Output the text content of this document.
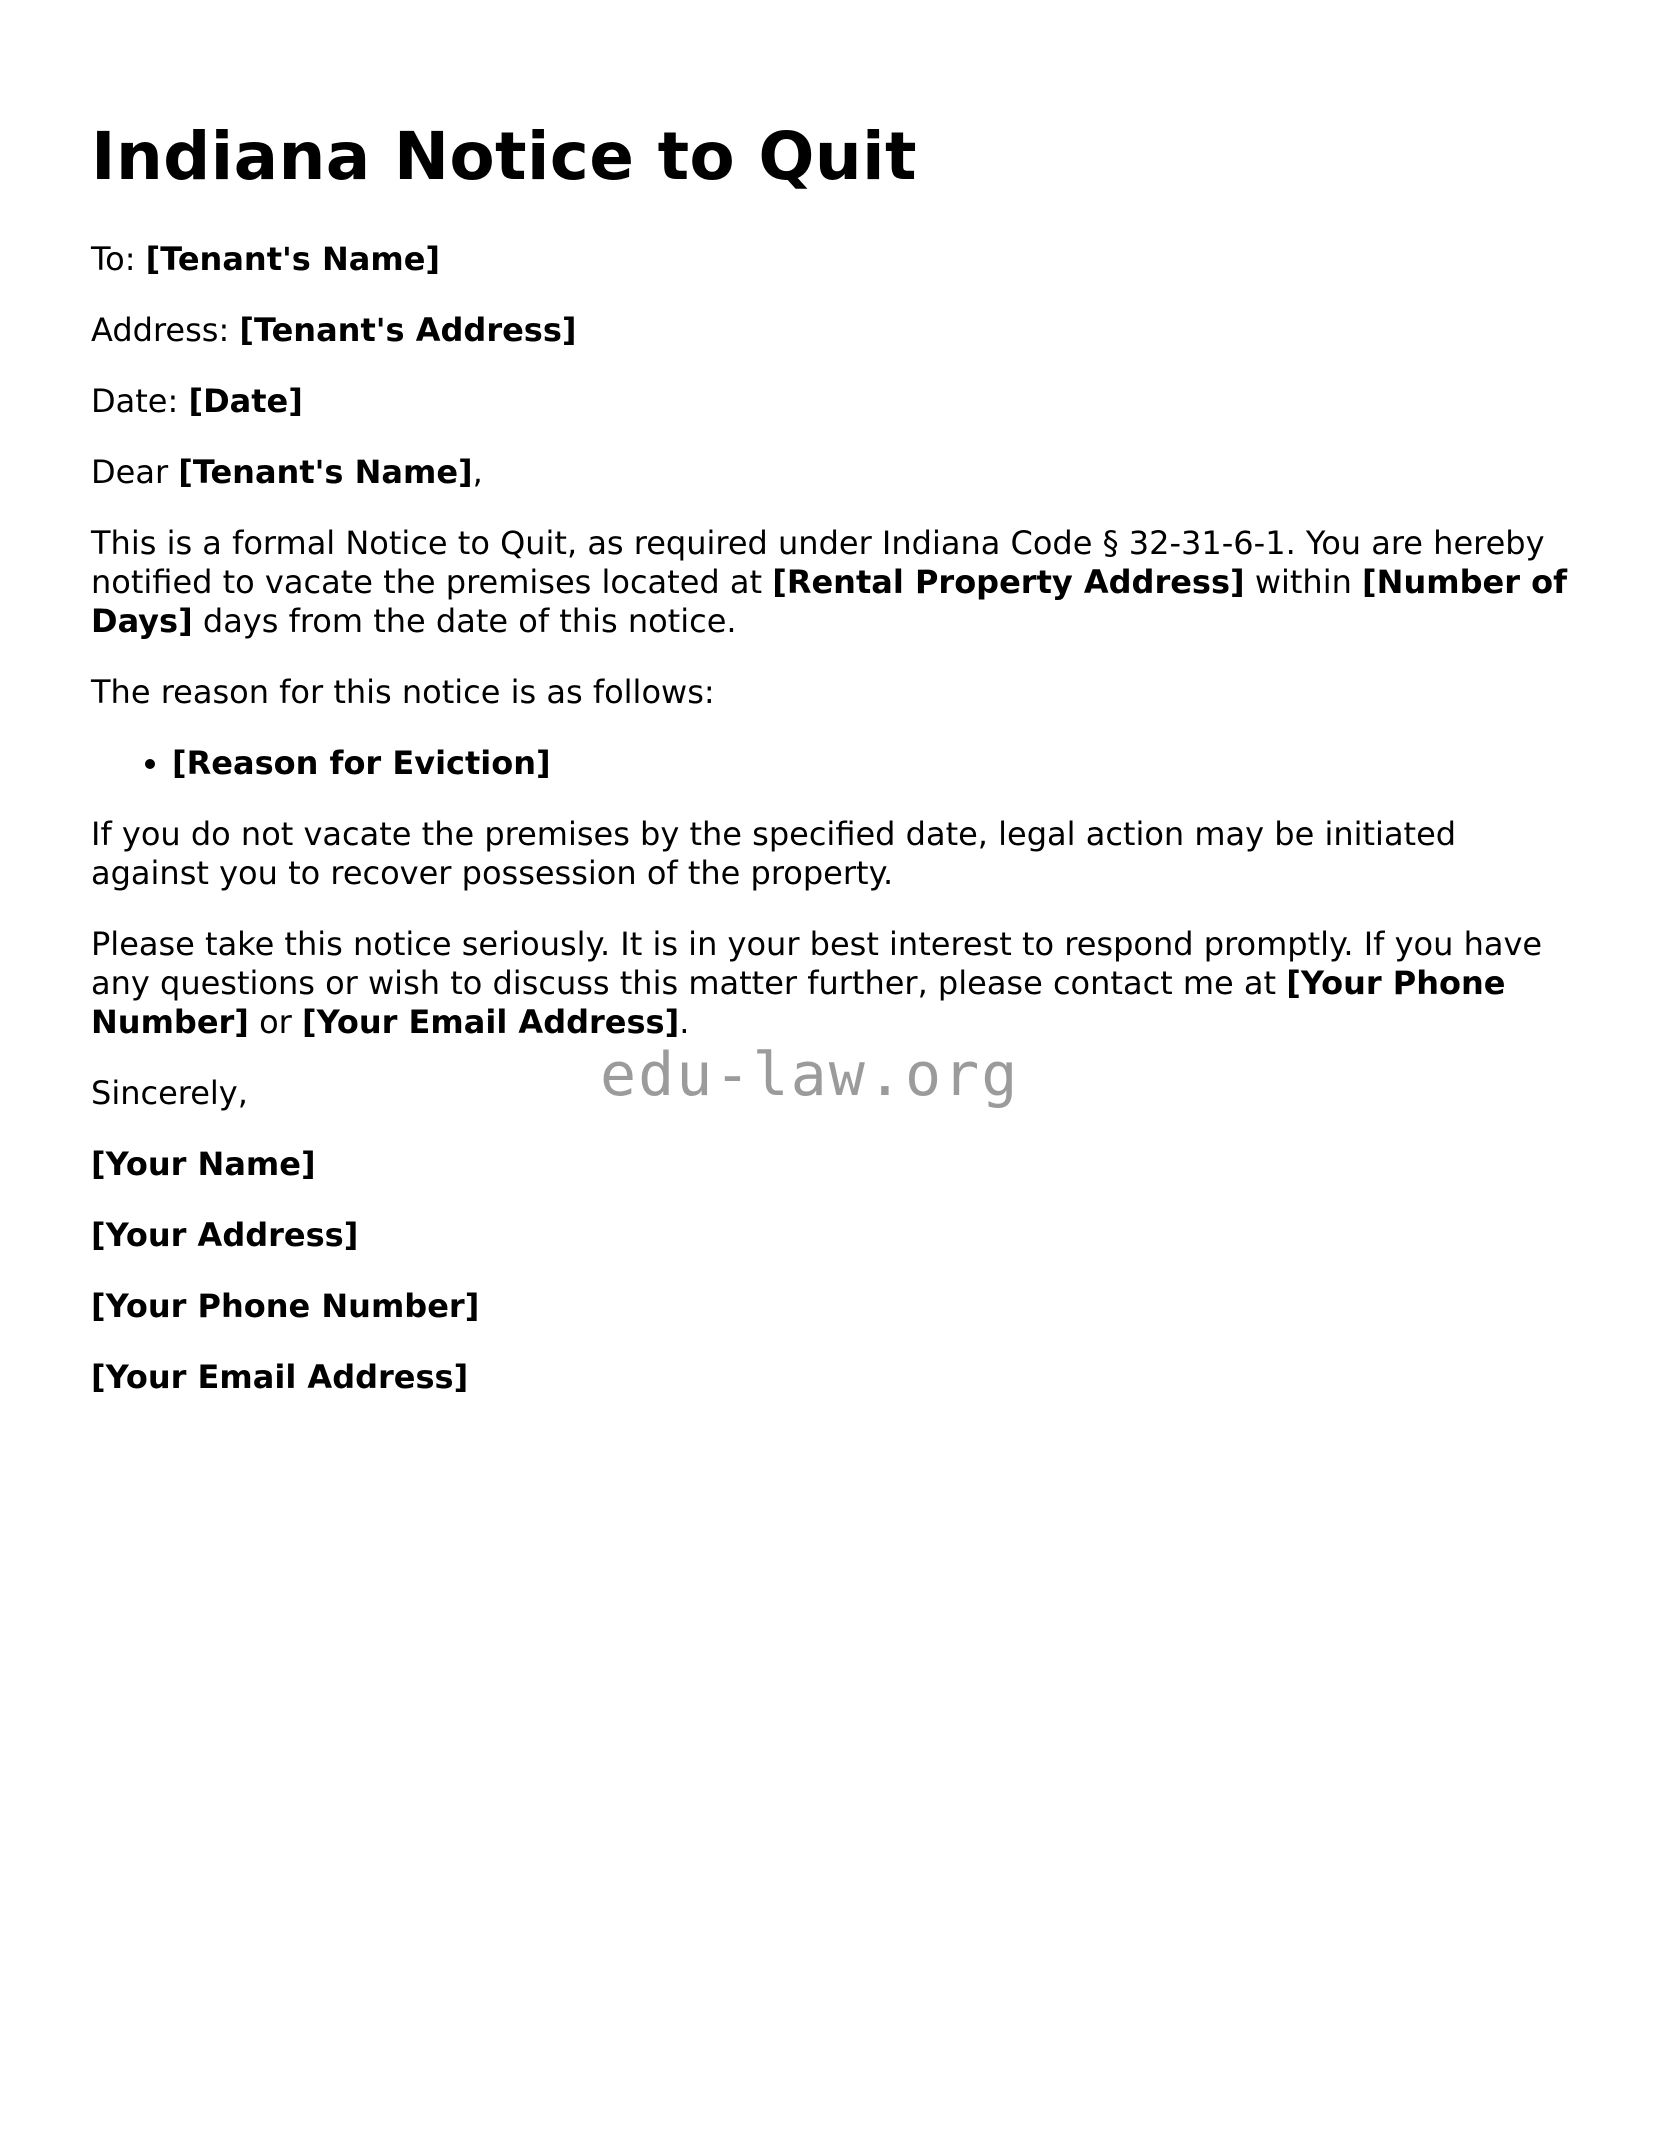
Indiana Notice to Quit

To: [Tenant's Name]

Address: [Tenant's Address]

Date: [Date]

Dear [Tenant's Name],

This is a formal Notice to Quit, as required under Indiana Code § 32-31-6-1. You are hereby notified to vacate the premises located at [Rental Property Address] within [Number of Days] days from the date of this notice.

The reason for this notice is as follows:

• [Reason for Eviction]

If you do not vacate the premises by the specified date, legal action may be initiated against you to recover possession of the property.

Please take this notice seriously. It is in your best interest to respond promptly. If you have any questions or wish to discuss this matter further, please contact me at [Your Phone Number] or [Your Email Address].

Sincerely,

[Your Name]

[Your Address]

[Your Phone Number]

[Your Email Address]

edu-law.org
